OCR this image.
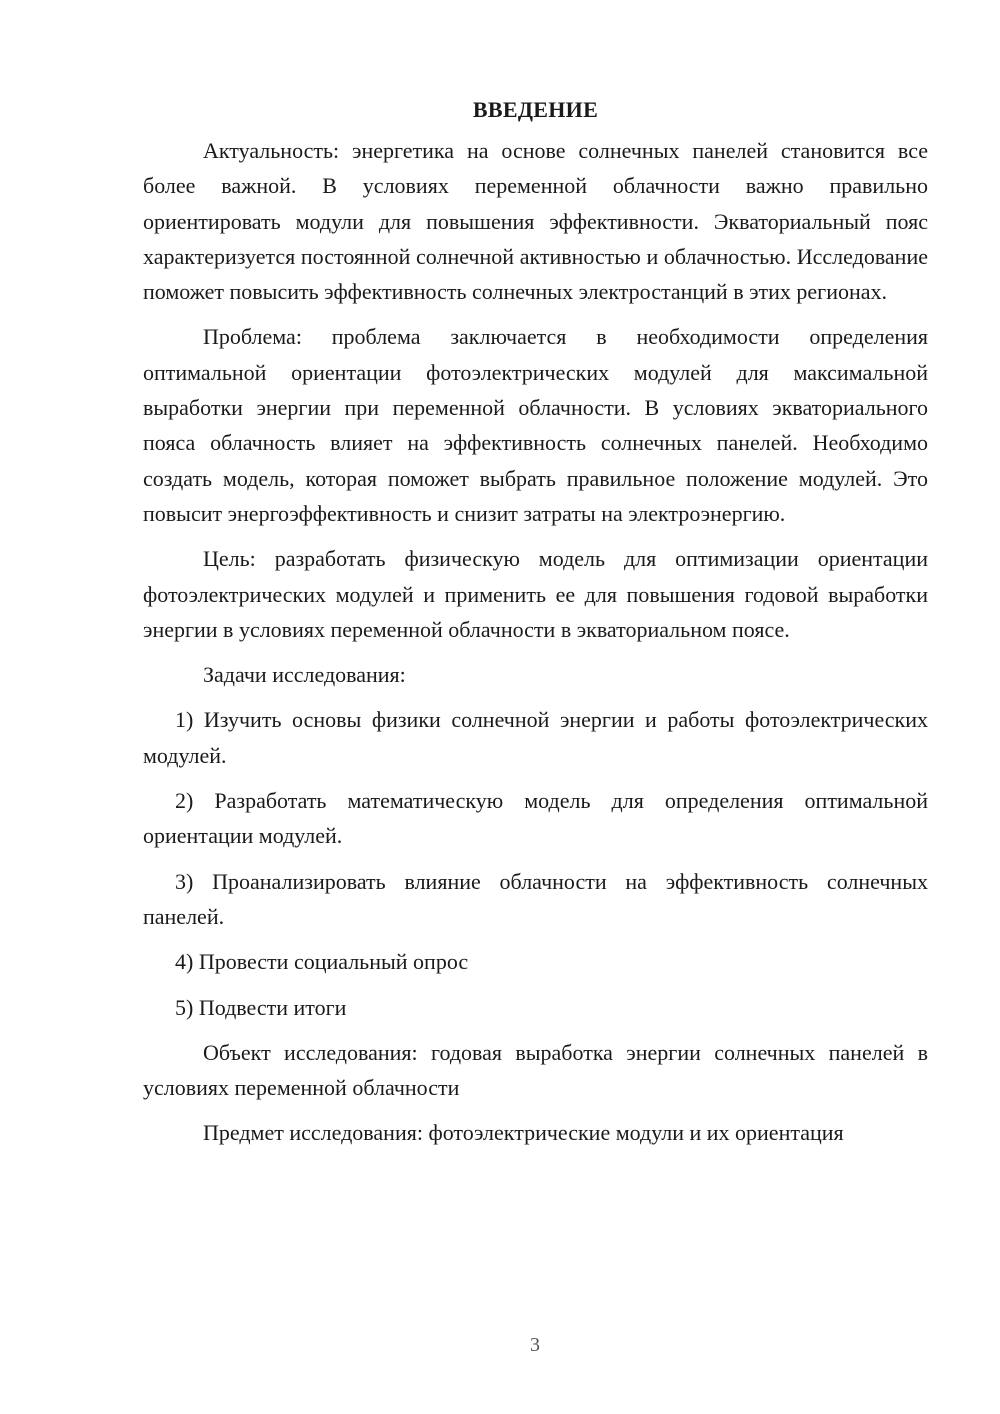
ВВЕДЕНИЕ

Актуальность: энергетика на основе солнечных панелей становится все более важной. В условиях переменной облачности важно правильно ориентировать модули для повышения эффективности. Экваториальный пояс характеризуется постоянной солнечной активностью и облачностью. Исследование поможет повысить эффективность солнечных электростанций в этих регионах.

Проблема: проблема заключается в необходимости определения оптимальной ориентации фотоэлектрических модулей для максимальной выработки энергии при переменной облачности. В условиях экваториального пояса облачность влияет на эффективность солнечных панелей. Необходимо создать модель, которая поможет выбрать правильное положение модулей. Это повысит энергоэффективность и снизит затраты на электроэнергию.

Цель: разработать физическую модель для оптимизации ориентации фотоэлектрических модулей и применить ее для повышения годовой выработки энергии в условиях переменной облачности в экваториальном поясе.

Задачи исследования:

1) Изучить основы физики солнечной энергии и работы фотоэлектрических модулей.

2) Разработать математическую модель для определения оптимальной ориентации модулей.

3) Проанализировать влияние облачности на эффективность солнечных панелей.

4) Провести социальный опрос

5) Подвести итоги

Объект исследования: годовая выработка энергии солнечных панелей в условиях переменной облачности

Предмет исследования: фотоэлектрические модули и их ориентация

3
